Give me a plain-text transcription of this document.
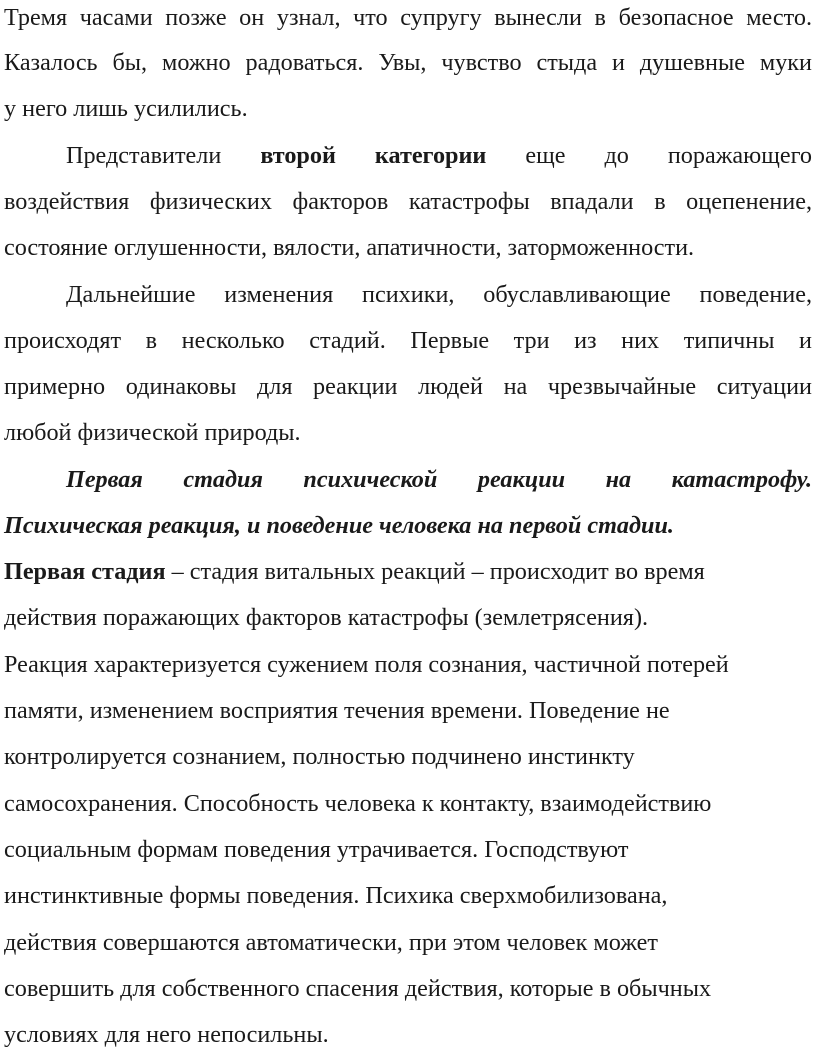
Тремя часами позже он узнал, что супругу вынесли в безопасное место.
Казалось бы, можно радоваться. Увы, чувство стыда и душевные муки
у него лишь усилились.
Представители второй категории еще до поражающего
воздействия физических факторов катастрофы впадали в оцепенение,
состояние оглушенности, вялости, апатичности, заторможенности.
Дальнейшие изменения психики, обуславливающие поведение,
происходят в несколько стадий. Первые три из них типичны и
примерно одинаковы для реакции людей на чрезвычайные ситуации
любой физической природы.
Первая стадия психической реакции на катастрофу.
Психическая реакция, и поведение человека на первой стадии.
Первая стадия – стадия витальных реакций – происходит во время
действия поражающих факторов катастрофы (землетрясения).
Реакция характеризуется сужением поля сознания, частичной потерей
памяти, изменением восприятия течения времени. Поведение не
контролируется сознанием, полностью подчинено инстинкту
самосохранения. Способность человека к контакту, взаимодействию
социальным формам поведения утрачивается. Господствуют
инстинктивные формы поведения. Психика сверхмобилизована,
действия совершаются автоматически, при этом человек может
совершить для собственного спасения действия, которые в обычных
условиях для него непосильны.
